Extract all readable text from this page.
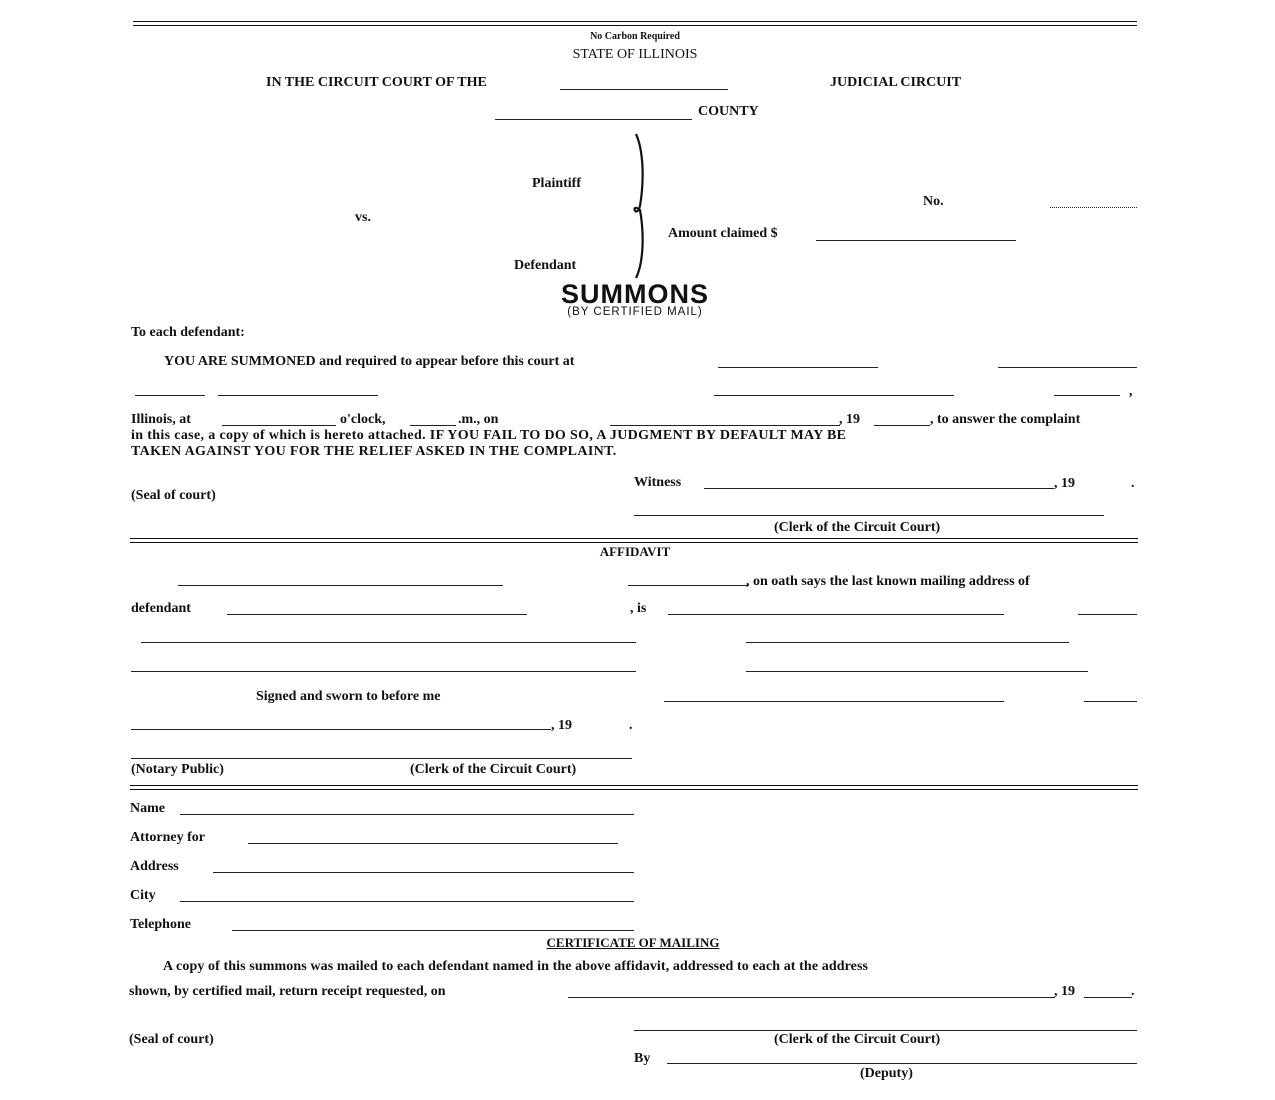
No Carbon Required
STATE OF ILLINOIS
IN THE CIRCUIT COURT OF THE	JUDICIAL CIRCUIT
COUNTY
Plaintiff
vs.
Defendant
No.
Amount claimed $
SUMMONS
(BY CERTIFIED MAIL)
To each defendant:
YOU ARE SUMMONED and required to appear before this court at
,
Illinois, at	o'clock,	.m., on	, 19	, to answer the complaint
in this case, a copy of which is hereto attached. IF YOU FAIL TO DO SO, A JUDGMENT BY DEFAULT MAY BE
TAKEN AGAINST YOU FOR THE RELIEF ASKED IN THE COMPLAINT.
(Seal of court)
Witness	, 19	.
(Clerk of the Circuit Court)
AFFIDAVIT
, on oath says the last known mailing address of
defendant	, is
Signed and sworn to before me
, 19	.
(Notary Public)	(Clerk of the Circuit Court)
Name
Attorney for
Address
City
Telephone
CERTIFICATE OF MAILING
A copy of this summons was mailed to each defendant named in the above affidavit, addressed to each at the address
shown, by certified mail, return receipt requested, on	, 19	.
(Seal of court)	(Clerk of the Circuit Court)
By
(Deputy)
